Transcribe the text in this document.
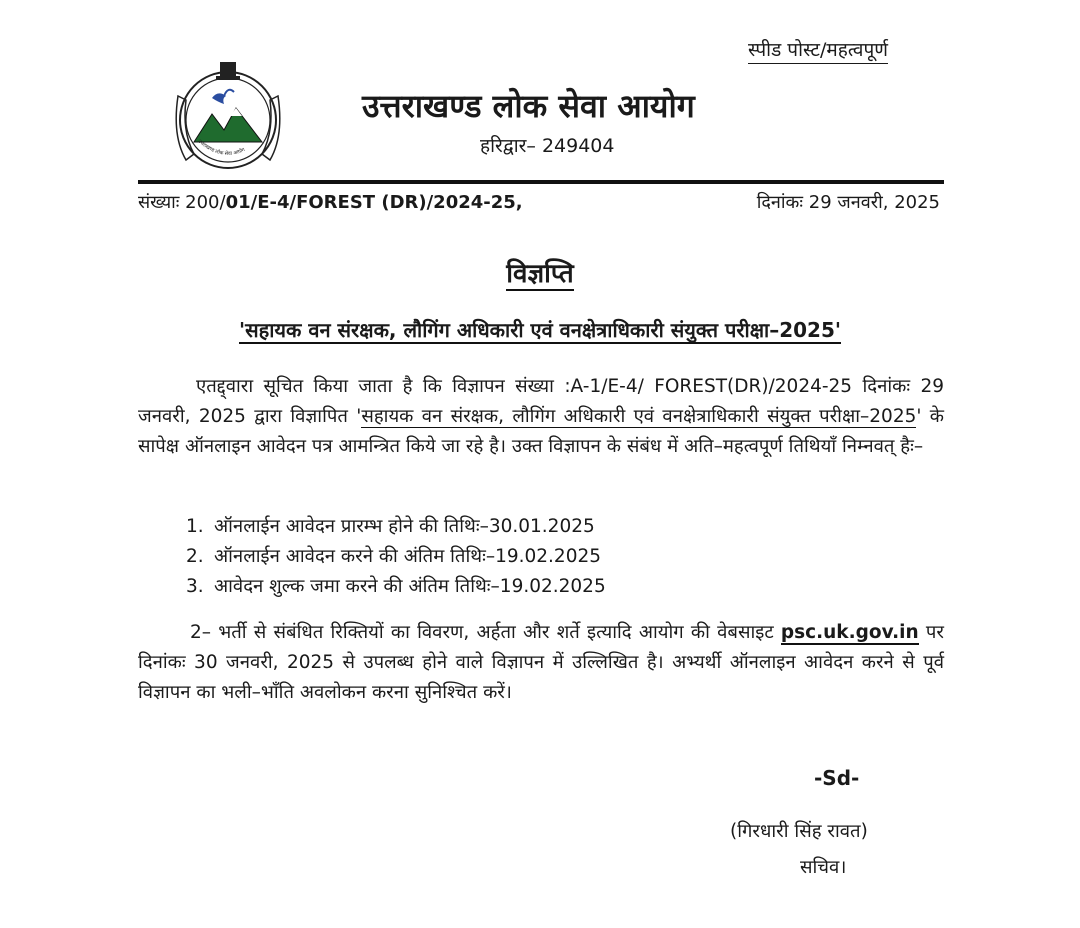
स्पीड पोस्ट/महत्वपूर्ण
उत्तराखण्ड लोक सेवा आयोग
उत्तराखण्ड लोक सेवा आयोग
हरिद्वार– 249404
संख्याः 200/01/E-4/FOREST (DR)/2024-25,	दिनांकः 29 जनवरी, 2025
विज्ञप्ति
'सहायक वन संरक्षक, लौगिंग अधिकारी एवं वनक्षेत्राधिकारी संयुक्त परीक्षा–2025'
एतद्द्वारा सूचित किया जाता है कि विज्ञापन संख्या :A-1/E-4/ FOREST(DR)/2024-25 दिनांकः 29 जनवरी, 2025 द्वारा विज्ञापित 'सहायक वन संरक्षक, लौगिंग अधिकारी एवं वनक्षेत्राधिकारी संयुक्त परीक्षा–2025' के सापेक्ष ऑनलाइन आवेदन पत्र आमन्त्रित किये जा रहे है। उक्त विज्ञापन के संबंध में अति–महत्वपूर्ण तिथियॉं निम्नवत् हैः–
1. ऑनलाईन आवेदन प्रारम्भ होने की तिथिः–30.01.2025
2. ऑनलाईन आवेदन करने की अंतिम तिथिः–19.02.2025
3. आवेदन शुल्क जमा करने की अंतिम तिथिः–19.02.2025
2– भर्ती से संबंधित रिक्तियों का विवरण, अर्हता और शर्ते इत्यादि आयोग की वेबसाइट psc.uk.gov.in पर दिनांकः 30 जनवरी, 2025 से उपलब्ध होने वाले विज्ञापन में उल्लिखित है। अभ्यर्थी ऑनलाइन आवेदन करने से पूर्व विज्ञापन का भली–भाँति अवलोकन करना सुनिश्चित करें।
-Sd-
(गिरधारी सिंह रावत)
सचिव।
